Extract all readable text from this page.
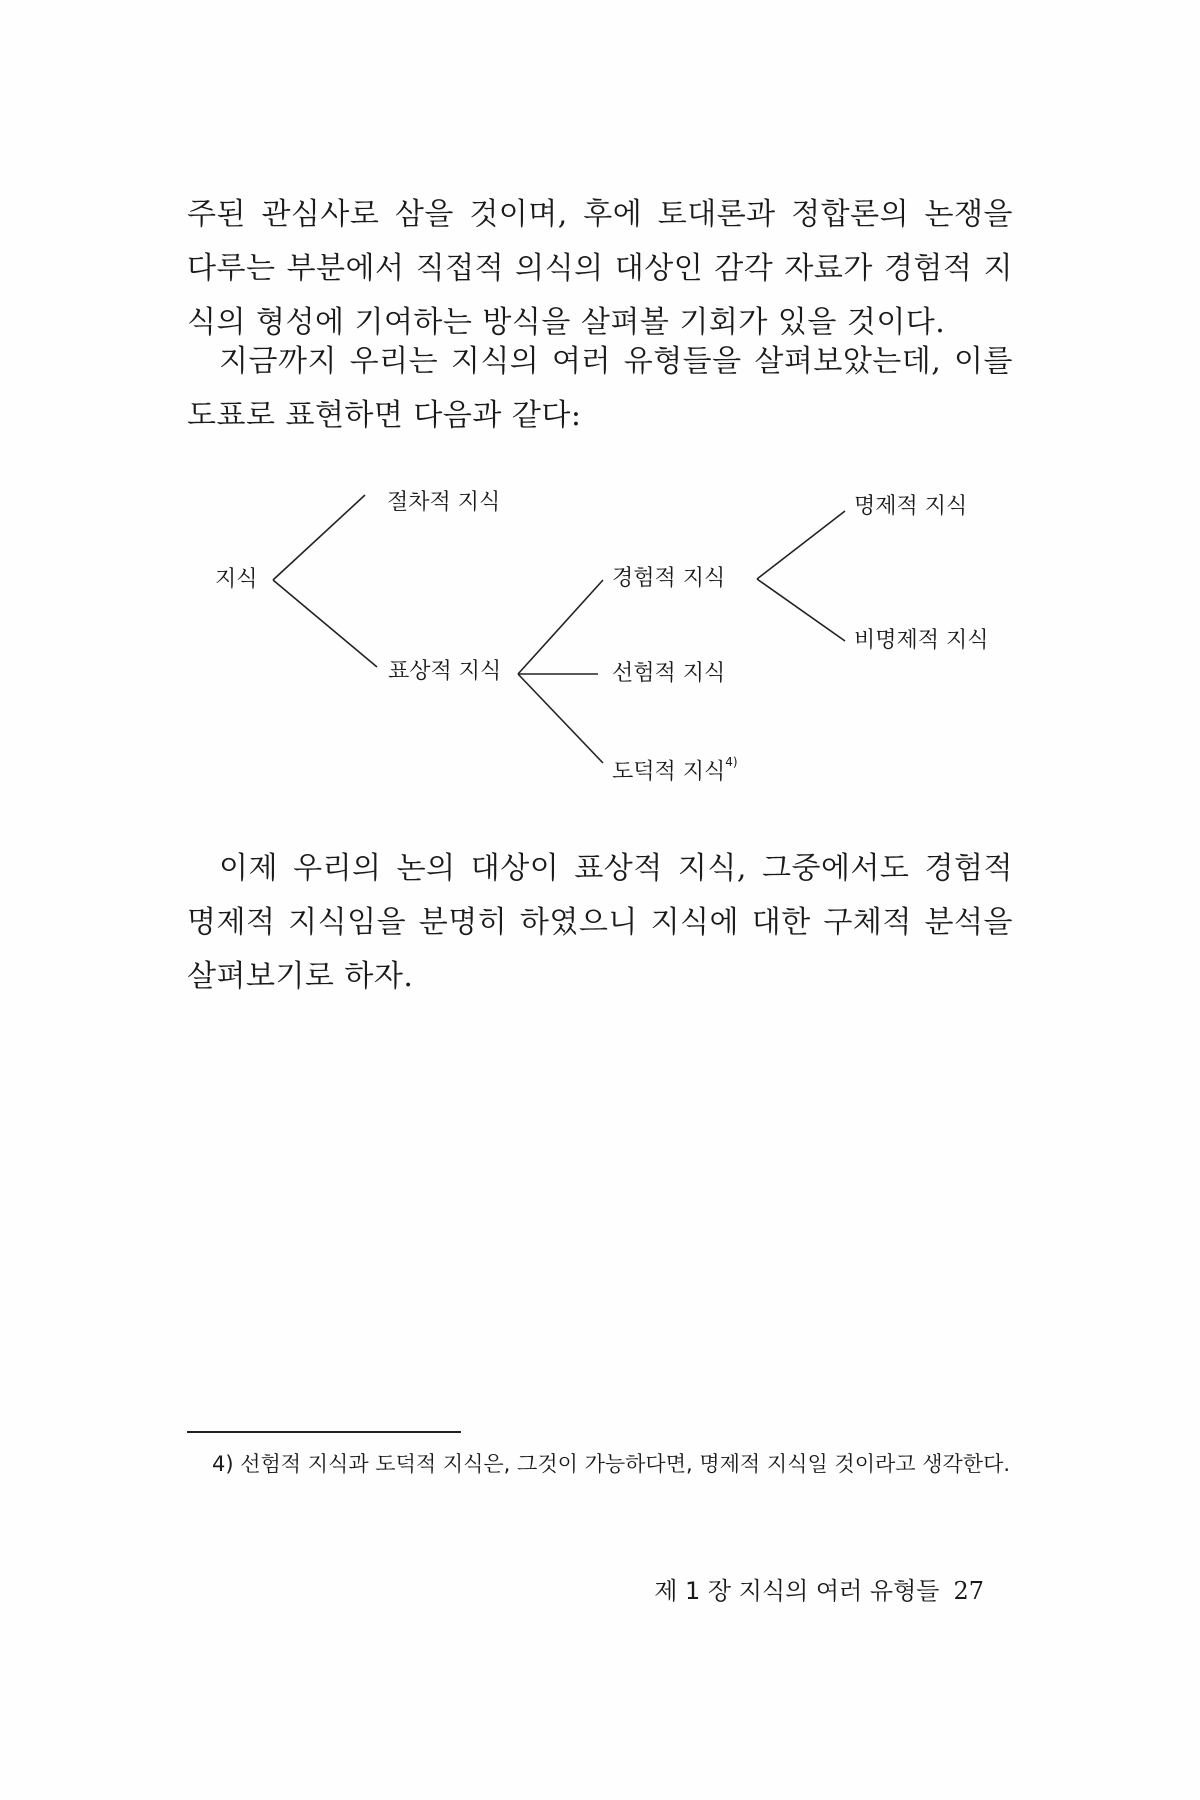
주된 관심사로 삼을 것이며, 후에 토대론과 정합론의 논쟁을 다루는 부분에서 직접적 의식의 대상인 감각 자료가 경험적 지식의 형성에 기여하는 방식을 살펴볼 기회가 있을 것이다.

지금까지 우리는 지식의 여러 유형들을 살펴보았는데, 이를 도표로 표현하면 다음과 같다:

지식
절차적 지식
표상적 지식
경험적 지식
선험적 지식
도덕적 지식$^{4)}$
명제적 지식
비명제적 지식

이제 우리의 논의 대상이 표상적 지식, 그중에서도 경험적 명제적 지식임을 분명히 하였으니 지식에 대한 구체적 분석을 살펴보기로 하자.

4) 선험적 지식과 도덕적 지식은, 그것이 가능하다면, 명제적 지식일 것이라고 생각한다.

제 1 장 지식의 여러 유형들 27
